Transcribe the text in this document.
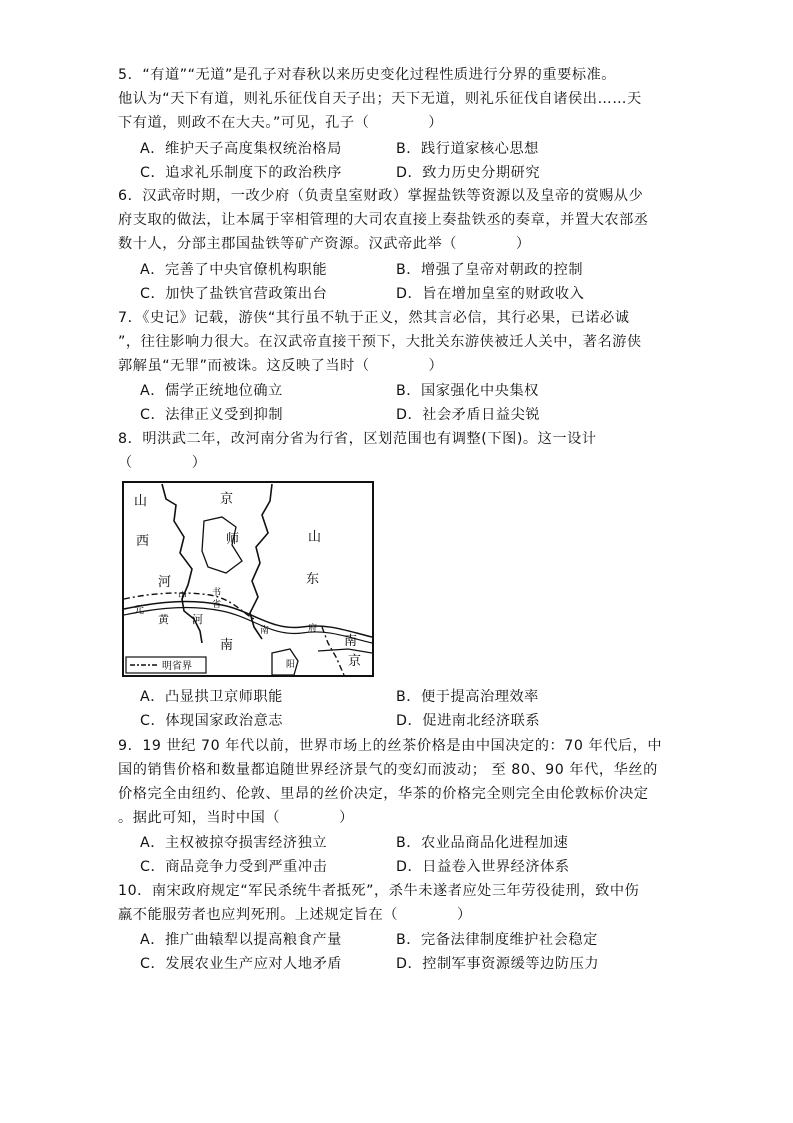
5．“有道”“无道”是孔子对春秋以来历史变化过程性质进行分界的重要标准。
他认为“天下有道，则礼乐征伐自天子出；天下无道，则礼乐征伐自诸侯出……天
下有道，则政不在大夫。”可见，孔子（　　　　）
A．维护天子高度集权统治格局	B．践行道家核心思想
C．追求礼乐制度下的政治秩序	D．致力历史分期研究
6．汉武帝时期，一改少府（负责皇室财政）掌握盐铁等资源以及皇帝的赏赐从少
府支取的做法，让本属于宰相管理的大司农直接上奏盐铁丞的奏章，并置大农部丞
数十人，分部主郡国盐铁等矿产资源。汉武帝此举（　　　　）
A．完善了中央官僚机构职能	B．增强了皇帝对朝政的控制
C．加快了盐铁官营政策出台	D．旨在增加皇室的财政收入
7．《史记》记载，游侠“其行虽不轨于正义，然其言必信，其行必果，已诺必诚
”，往往影响力很大。在汉武帝直接干预下，大批关东游侠被迁人关中，著名游侠
郭解虽“无罪”而被诛。这反映了当时（　　　　）
A．儒学正统地位确立	B．国家强化中央集权
C．法律正义受到抑制	D．社会矛盾日益尖锐
8．明洪武二年，改河南分省为行省，区划范围也有调整(下图)。这一设计
（　　　　）
山
西
河
京
师	山
东
中	书
省
元
黄 河
南	南
京
南
阳
府
明省界
A．凸显拱卫京师职能	B．便于提高治理效率
C．体现国家政治意志	D．促进南北经济联系
9．19 世纪 70 年代以前，世界市场上的丝茶价格是由中国决定的：70 年代后，中
国的销售价格和数量都追随世界经济景气的变幻而波动； 至 80、90 年代，华丝的
价格完全由纽约、伦敦、里昂的丝价决定，华茶的价格完全则完全由伦敦标价决定
。据此可知，当时中国（　　　　）
A．主权被掠夺损害经济独立	B．农业品商品化进程加速
C．商品竞争力受到严重冲击	D．日益卷入世界经济体系
10．南宋政府规定“军民杀统牛者抵死”，杀牛未遂者应处三年劳役徒刑，致中伤
羸不能服劳者也应判死刑。上述规定旨在（　　　　）
A．推广曲辕犁以提高粮食产量	B．完备法律制度维护社会稳定
C．发展农业生产应对人地矛盾	D．控制军事资源缓等边防压力
